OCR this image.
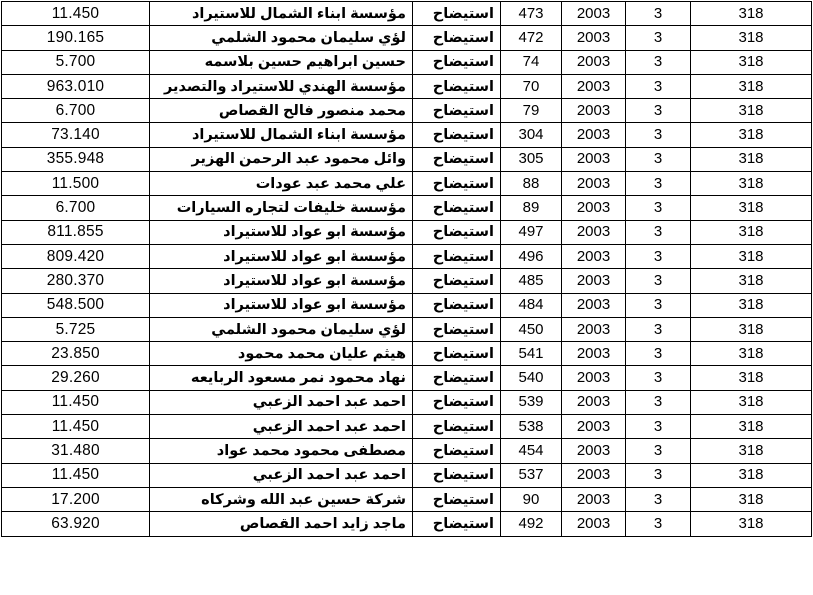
11.450	مؤسسة ابناء الشمال للاستيراد	استيضاح	473	2003	3	318
190.165	لؤي سليمان محمود الشلمي	استيضاح	472	2003	3	318
5.700	حسين ابراهيم حسين بلاسمه	استيضاح	74	2003	3	318
963.010	مؤسسة الهندي للاستيراد والتصدير	استيضاح	70	2003	3	318
6.700	محمد منصور فالح القصاص	استيضاح	79	2003	3	318
73.140	مؤسسة ابناء الشمال للاستيراد	استيضاح	304	2003	3	318
355.948	وائل محمود عبد الرحمن الهزير	استيضاح	305	2003	3	318
11.500	علي محمد عبد عودات	استيضاح	88	2003	3	318
6.700	مؤسسة خليفات لتجاره السيارات	استيضاح	89	2003	3	318
811.855	مؤسسة ابو عواد للاستيراد	استيضاح	497	2003	3	318
809.420	مؤسسة ابو عواد للاستيراد	استيضاح	496	2003	3	318
280.370	مؤسسة ابو عواد للاستيراد	استيضاح	485	2003	3	318
548.500	مؤسسة ابو عواد للاستيراد	استيضاح	484	2003	3	318
5.725	لؤي سليمان محمود الشلمي	استيضاح	450	2003	3	318
23.850	هيثم عليان محمد محمود	استيضاح	541	2003	3	318
29.260	نهاد محمود نمر مسعود الربايعه	استيضاح	540	2003	3	318
11.450	احمد عبد احمد الزعبي	استيضاح	539	2003	3	318
11.450	احمد عبد احمد الزعبي	استيضاح	538	2003	3	318
31.480	مصطفى محمود محمد عواد	استيضاح	454	2003	3	318
11.450	احمد عبد احمد الزعبي	استيضاح	537	2003	3	318
17.200	شركة حسين عبد الله وشركاه	استيضاح	90	2003	3	318
63.920	ماجد زايد احمد القصاص	استيضاح	492	2003	3	318
